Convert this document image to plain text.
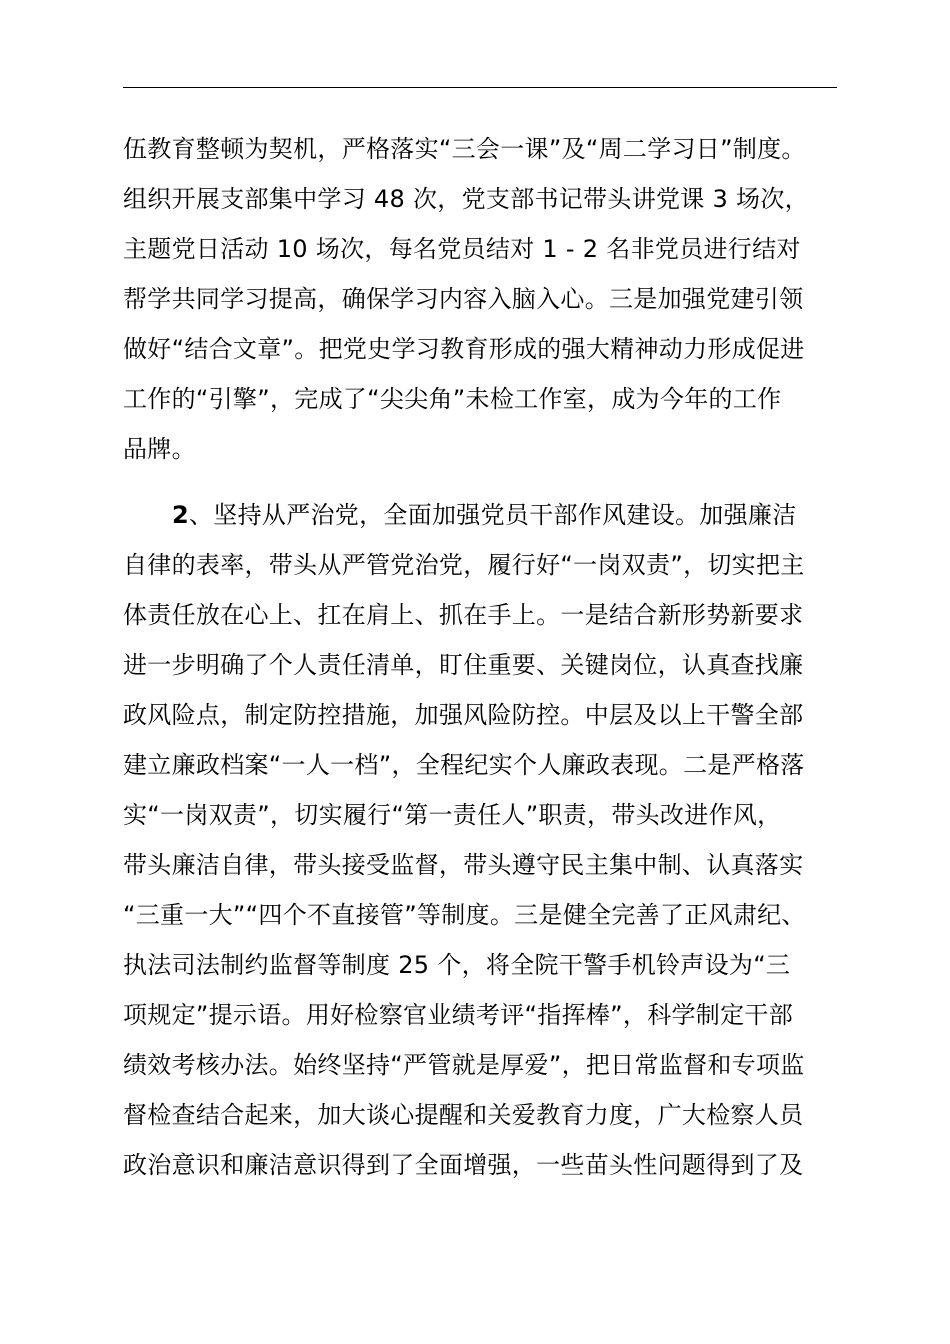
伍教育整顿为契机，严格落实“三会一课”及“周二学习日”制度。
组织开展支部集中学习 48 次，党支部书记带头讲党课 3 场次，
主题党日活动 10 场次，每名党员结对 1 - 2 名非党员进行结对
帮学共同学习提高，确保学习内容入脑入心。三是加强党建引领
做好“结合文章”。把党史学习教育形成的强大精神动力形成促进
工作的“引擎”，完成了“尖尖角”未检工作室，成为今年的工作
品牌。
2、坚持从严治党，全面加强党员干部作风建设。加强廉洁
自律的表率，带头从严管党治党，履行好“一岗双责”，切实把主
体责任放在心上、扛在肩上、抓在手上。一是结合新形势新要求
进一步明确了个人责任清单，盯住重要、关键岗位，认真查找廉
政风险点，制定防控措施，加强风险防控。中层及以上干警全部
建立廉政档案“一人一档”，全程纪实个人廉政表现。二是严格落
实“一岗双责”，切实履行“第一责任人”职责，带头改进作风，
带头廉洁自律，带头接受监督，带头遵守民主集中制、认真落实
“三重一大”“四个不直接管”等制度。三是健全完善了正风肃纪、
执法司法制约监督等制度 25 个，将全院干警手机铃声设为“三
项规定”提示语。用好检察官业绩考评“指挥棒”，科学制定干部
绩效考核办法。始终坚持“严管就是厚爱”，把日常监督和专项监
督检查结合起来，加大谈心提醒和关爱教育力度，广大检察人员
政治意识和廉洁意识得到了全面增强，一些苗头性问题得到了及
